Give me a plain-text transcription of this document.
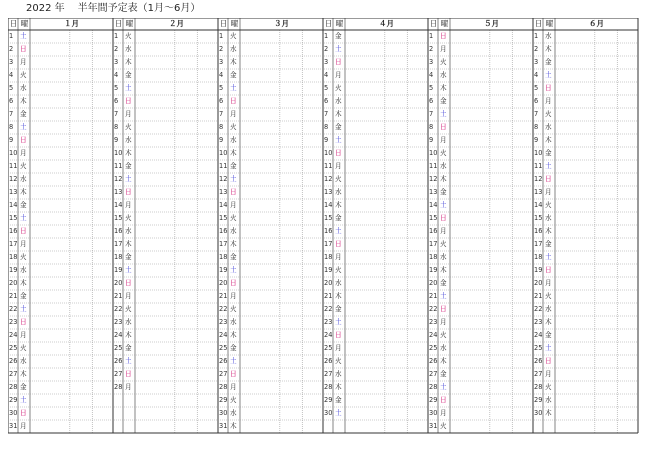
2022 年 半年間予定表（1月～6月）
日 曜	１月
1	土
2	日
3	月
4	火
5	水
6	木
7	金
8	土
9	日
10 月
11 火
12 水
13 木
14 金
15 土
16 日
17 月
18 火
19 水
20 木
21 金
22 土
23 日
24 月
25 火
26 水
27 木
28 金
29 土
30 日
31 月
日 曜	２月
1	火
2	水
3	木
4	金
5	土
6	日
7	月
8	火
9	水
10 木
11 金
12 土
13 日
14 月
15 火
16 水
17 木
18 金
19 土
20 日
21 月
22 火
23 水
24 木
25 金
26 土
27 日
28 月
日 曜	３月
1	火
2	水
3	木
4	金
5	土
6	日
7	月
8	火
9	水
10 木
11 金
12 土
13 日
14 月
15 火
16 水
17 木
18 金
19 土
20 日
21 月
22 火
23 水
24 木
25 金
26 土
27 日
28 月
29 火
30 水
31 木
日 曜	４月
1	金
2	土
3	日
4	月
5	火
6	水
7	木
8	金
9	土
10 日
11 月
12 火
13 水
14 木
15 金
16 土
17 日
18 月
19 火
20 水
21 木
22 金
23 土
24 日
25 月
26 火
27 水
28 木
29 金
30 土
日 曜	５月
1	日
2	月
3	火
4	水
5	木
6	金
7	土
8	日
9	月
10 火
11 水
12 木
13 金
14 土
15 日
16 月
17 火
18 水
19 木
20 金
21 土
22 日
23 月
24 火
25 水
26 木
27 金
28 土
29 日
30 月
31 火
日 曜	６月
1	水
2	木
3	金
4	土
5	日
6	月
7	火
8	水
9	木
10 金
11 土
12 日
13 月
14 火
15 水
16 木
17 金
18 土
19 日
20 月
21 火
22 水
23 木
24 金
25 土
26 日
27 月
28 火
29 水
30 木
